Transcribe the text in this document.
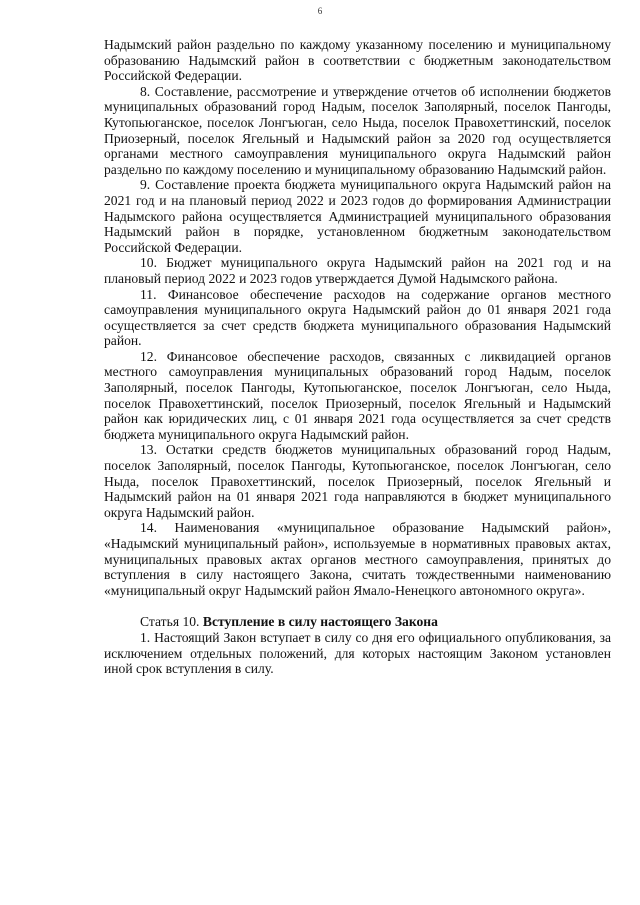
6

Надымский район раздельно по каждому указанному поселению и муниципальному образованию Надымский район в соответствии с бюджетным законодательством Российской Федерации.

8. Составление, рассмотрение и утверждение отчетов об исполнении бюджетов муниципальных образований город Надым, поселок Заполярный, поселок Пангоды, Кутопьюганское, поселок Лонгъюган, село Ныда, поселок Правохеттинский, поселок Приозерный, поселок Ягельный и Надымский район за 2020 год осуществляется органами местного самоуправления муниципального округа Надымский район раздельно по каждому поселению и муниципальному образованию Надымский район.

9. Составление проекта бюджета муниципального округа Надымский район на 2021 год и на плановый период 2022 и 2023 годов до формирования Администрации Надымского района осуществляется Администрацией муниципального образования Надымский район в порядке, установленном бюджетным законодательством Российской Федерации.

10. Бюджет муниципального округа Надымский район на 2021 год и на плановый период 2022 и 2023 годов утверждается Думой Надымского района.

11. Финансовое обеспечение расходов на содержание органов местного самоуправления муниципального округа Надымский район до 01 января 2021 года осуществляется за счет средств бюджета муниципального образования Надымский район.

12. Финансовое обеспечение расходов, связанных с ликвидацией органов местного самоуправления муниципальных образований город Надым, поселок Заполярный, поселок Пангоды, Кутопьюганское, поселок Лонгъюган, село Ныда, поселок Правохеттинский, поселок Приозерный, поселок Ягельный и Надымский район как юридических лиц, с 01 января 2021 года осуществляется за счет средств бюджета муниципального округа Надымский район.

13. Остатки средств бюджетов муниципальных образований город Надым, поселок Заполярный, поселок Пангоды, Кутопьюганское, поселок Лонгъюган, село Ныда, поселок Правохеттинский, поселок Приозерный, поселок Ягельный и Надымский район на 01 января 2021 года направляются в бюджет муниципального округа Надымский район.

14. Наименования «муниципальное образование Надымский район», «Надымский муниципальный район», используемые в нормативных правовых актах, муниципальных правовых актах органов местного самоуправления, принятых до вступления в силу настоящего Закона, считать тождественными наименованию «муниципальный округ Надымский район Ямало-Ненецкого автономного округа».

Статья 10. Вступление в силу настоящего Закона

1. Настоящий Закон вступает в силу со дня его официального опубликования, за исключением отдельных положений, для которых настоящим Законом установлен иной срок вступления в силу.
